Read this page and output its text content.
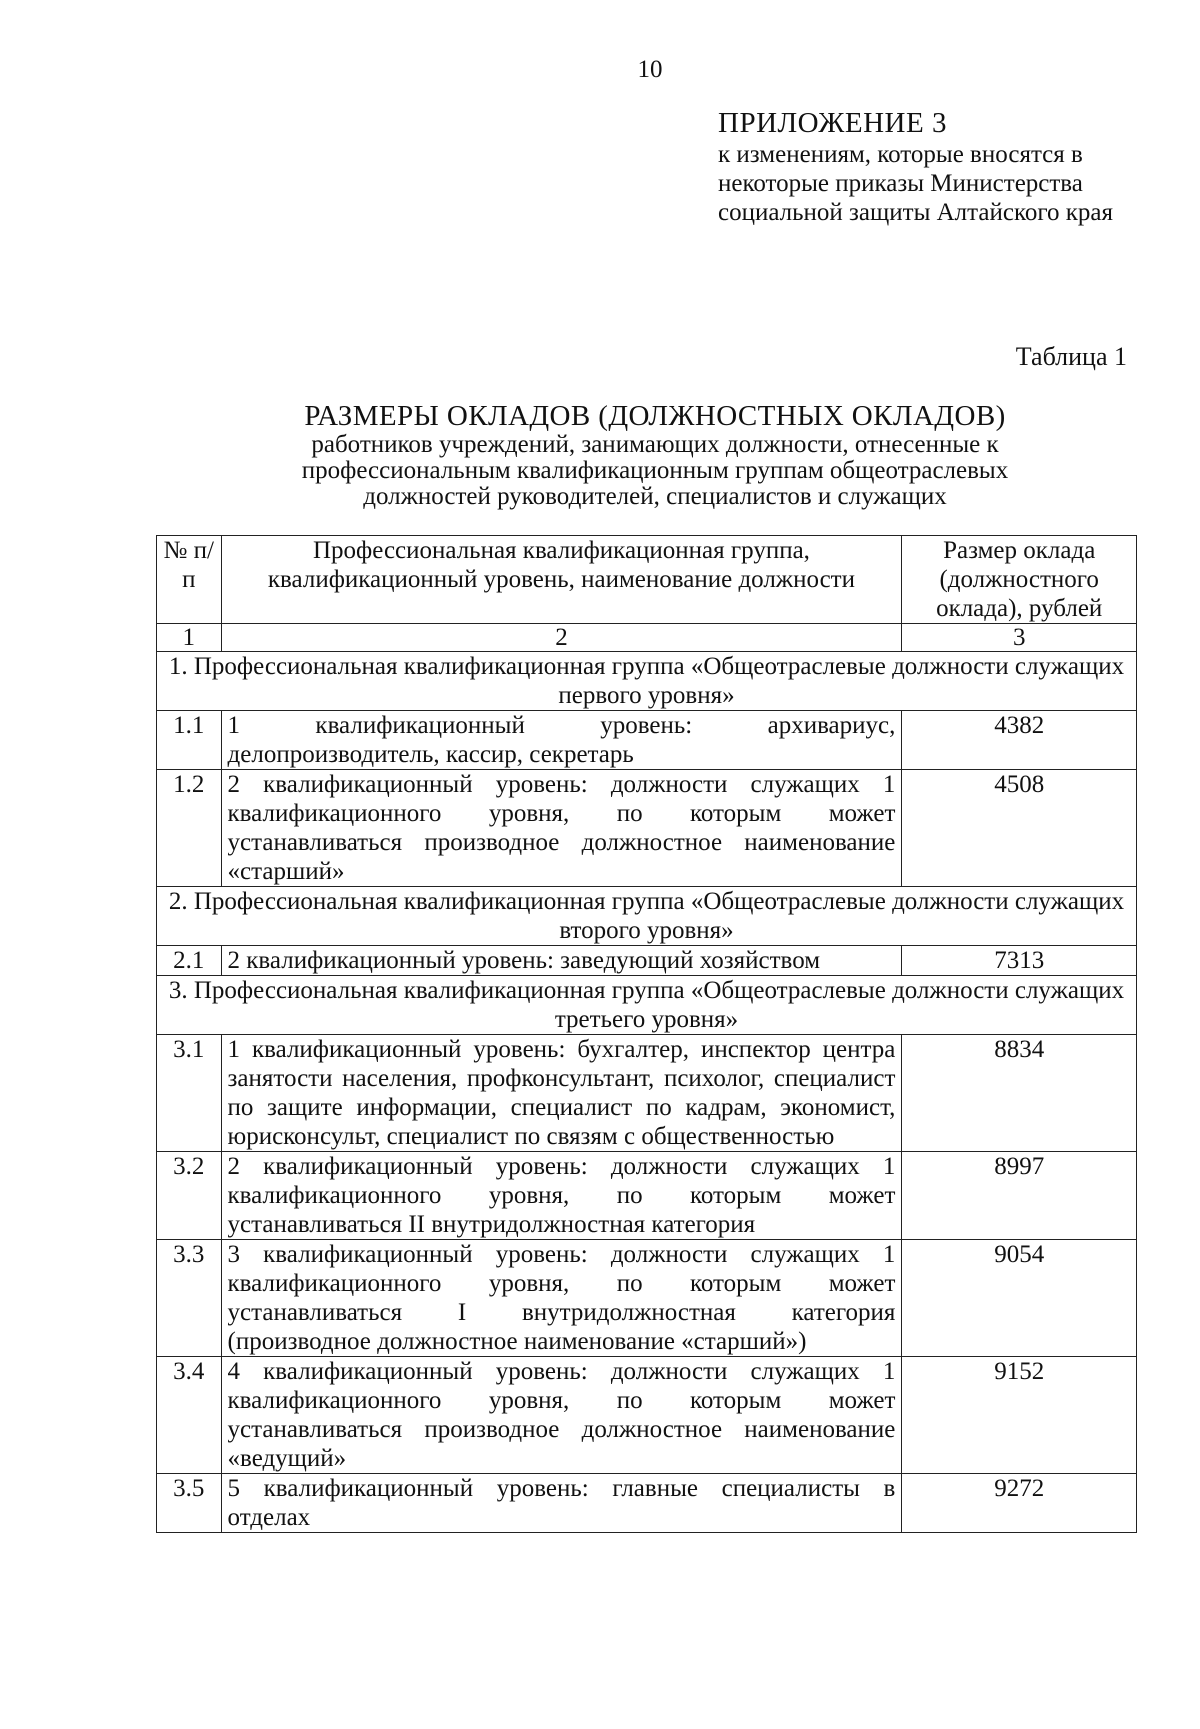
10
ПРИЛОЖЕНИЕ 3
к изменениям, которые вносятся в некоторые приказы Министерства социальной защиты Алтайского края
Таблица 1
РАЗМЕРЫ ОКЛАДОВ (ДОЛЖНОСТНЫХ ОКЛАДОВ)
работников учреждений, занимающих должности, отнесенные к профессиональным квалификационным группам общеотраслевых должностей руководителей, специалистов и служащих
№ п/п	Профессиональная квалификационная группа, квалификационный уровень, наименование должности	Размер оклада (должностного оклада), рублей
1	2	3
1. Профессиональная квалификационная группа «Общеотраслевые должности служащих первого уровня»		
1.1	1 квалификационный уровень: архивариус, делопроизводитель, кассир, секретарь	4382
1.2	2 квалификационный уровень: должности служащих 1 квалификационного уровня, по которым может устанавливаться производное должностное наименование «старший»	4508
2. Профессиональная квалификационная группа «Общеотраслевые должности служащих второго уровня»		
2.1	2 квалификационный уровень: заведующий хозяйством	7313
3. Профессиональная квалификационная группа «Общеотраслевые должности служащих третьего уровня»		
3.1	1 квалификационный уровень: бухгалтер, инспектор центра занятости населения, профконсультант, психолог, специалист по защите информации, специалист по кадрам, экономист, юрисконсульт, специалист по связям с общественностью	8834
3.2	2 квалификационный уровень: должности служащих 1 квалификационного уровня, по которым может устанавливаться II внутридолжностная категория	8997
3.3	3 квалификационный уровень: должности служащих 1 квалификационного уровня, по которым может устанавливаться I внутридолжностная категория (производное должностное наименование «старший»)	9054
3.4	4 квалификационный уровень: должности служащих 1 квалификационного уровня, по которым может устанавливаться производное должностное наименование «ведущий»	9152
3.5	5 квалификационный уровень: главные специалисты в отделах	9272
